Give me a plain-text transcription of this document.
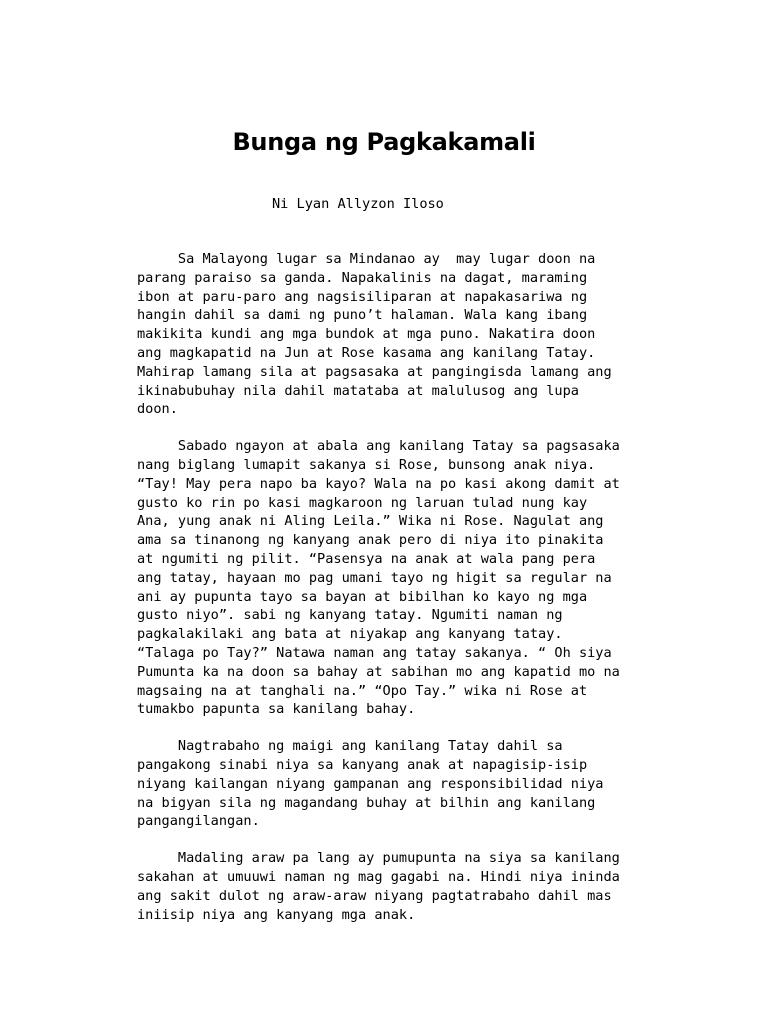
Bunga ng Pagkakamali
Ni Lyan Allyzon Iloso
Sa Malayong lugar sa Mindanao ay  may lugar doon na
parang paraiso sa ganda. Napakalinis na dagat, maraming
ibon at paru-paro ang nagsisiliparan at napakasariwa ng
hangin dahil sa dami ng puno’t halaman. Wala kang ibang
makikita kundi ang mga bundok at mga puno. Nakatira doon
ang magkapatid na Jun at Rose kasama ang kanilang Tatay.
Mahirap lamang sila at pagsasaka at pangingisda lamang ang
ikinabubuhay nila dahil matataba at malulusog ang lupa
doon.
Sabado ngayon at abala ang kanilang Tatay sa pagsasaka
nang biglang lumapit sakanya si Rose, bunsong anak niya.
“Tay! May pera napo ba kayo? Wala na po kasi akong damit at
gusto ko rin po kasi magkaroon ng laruan tulad nung kay
Ana, yung anak ni Aling Leila.” Wika ni Rose. Nagulat ang
ama sa tinanong ng kanyang anak pero di niya ito pinakita
at ngumiti ng pilit. “Pasensya na anak at wala pang pera
ang tatay, hayaan mo pag umani tayo ng higit sa regular na
ani ay pupunta tayo sa bayan at bibilhan ko kayo ng mga
gusto niyo”. sabi ng kanyang tatay. Ngumiti naman ng
pagkalakilaki ang bata at niyakap ang kanyang tatay.
“Talaga po Tay?” Natawa naman ang tatay sakanya. “ Oh siya
Pumunta ka na doon sa bahay at sabihan mo ang kapatid mo na
magsaing na at tanghali na.” “Opo Tay.” wika ni Rose at
tumakbo papunta sa kanilang bahay.
Nagtrabaho ng maigi ang kanilang Tatay dahil sa
pangakong sinabi niya sa kanyang anak at napagisip-isip
niyang kailangan niyang gampanan ang responsibilidad niya
na bigyan sila ng magandang buhay at bilhin ang kanilang
pangangilangan.
Madaling araw pa lang ay pumupunta na siya sa kanilang
sakahan at umuuwi naman ng mag gagabi na. Hindi niya ininda
ang sakit dulot ng araw-araw niyang pagtatrabaho dahil mas
iniisip niya ang kanyang mga anak.
